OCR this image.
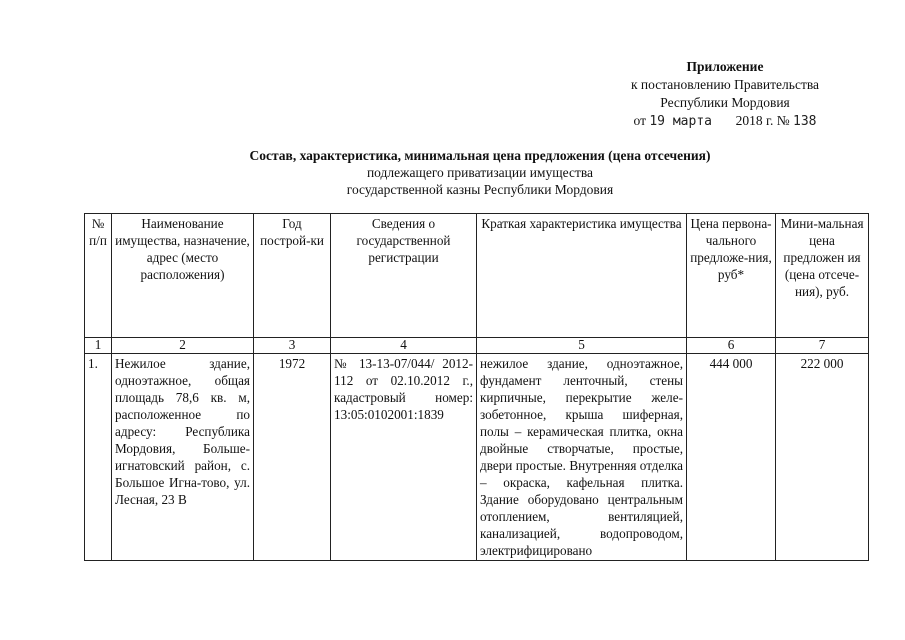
Приложение
к постановлению Правительства
Республики Мордовия
от 19 марта 2018 г. № 138
Состав, характеристика, минимальная цена предложения (цена отсечения)
подлежащего приватизации имущества
государственной казны Республики Мордовия
№ п/п	Наименование имущества, назначение, адрес (место расположения)	Год построй-ки	Сведения о государственной регистрации	Краткая характеристика имущества	Цена первона-чального предложе-ния, руб*	Мини-мальная цена предложен ия (цена отсече-ния), руб.
1	2	3	4	5	6	7
1.	Нежилое здание, одноэтажное, общая площадь 78,6 кв. м, расположенное по адресу: Республика Мордовия, Больше-игнатовский район, с. Большое Игна-тово, ул. Лесная, 23 В	1972	№ 13-13-07/044/ 2012-112 от 02.10.2012 г., кадастровый номер: 13:05:0102001:1839	нежилое здание, одноэтажное, фундамент ленточный, стены кирпичные, перекрытие желе-зобетонное, крыша шиферная, полы – керамическая плитка, окна двойные створчатые, простые, двери простые. Внутренняя отделка – окраска, кафельная плитка. Здание оборудовано центральным отоплением, вентиляцией, канализацией, водопроводом, электрифицировано	444 000	222 000
